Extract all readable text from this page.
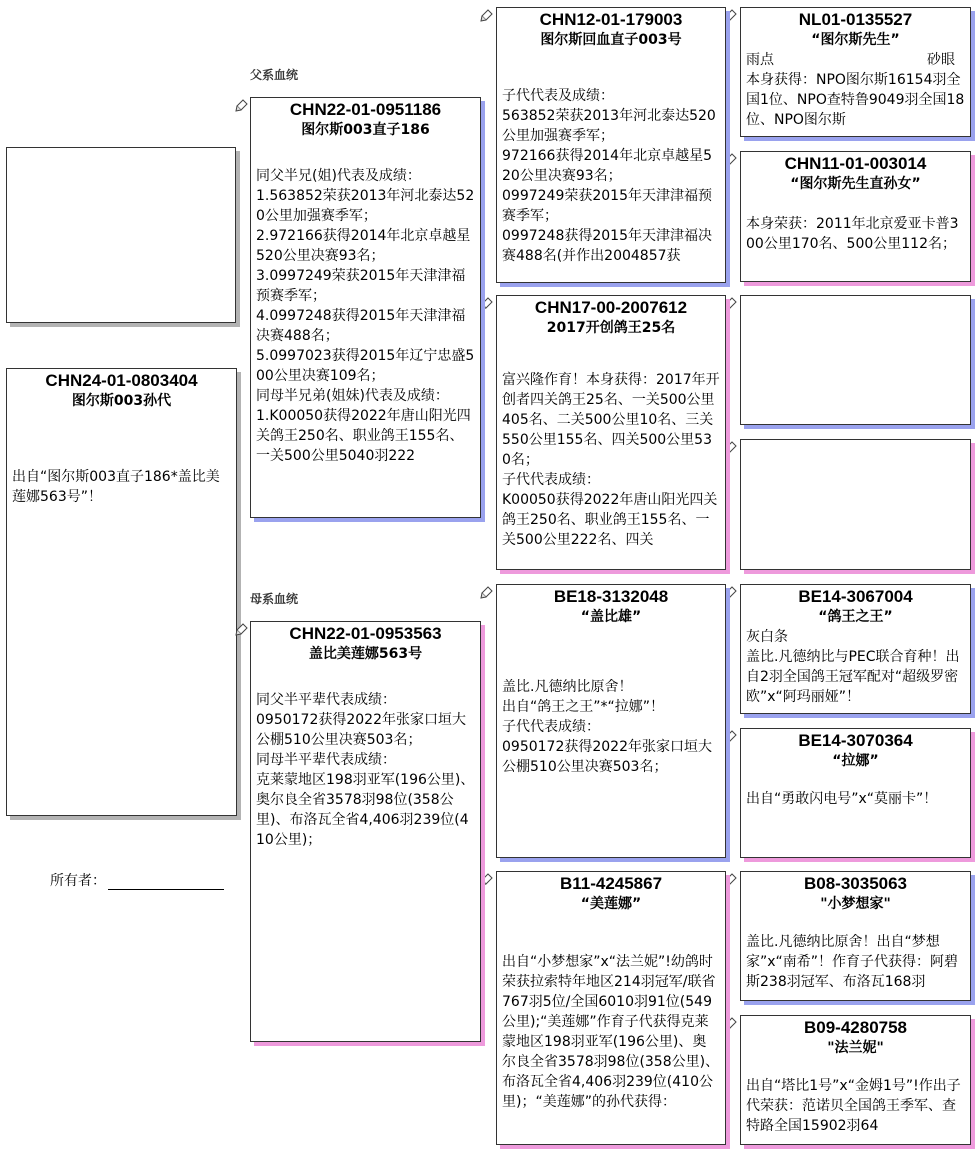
CHN24-01-0803404
图尔斯003孙代
出自“图尔斯003直子186*盖比美莲娜563号”！
所有者：
父系血统
母系血统
CHN22-01-0951186
图尔斯003直子186
同父半兄(姐)代表及成绩：
1.563852荣获2013年河北泰达520公里加强赛季军；
2.972166获得2014年北京卓越星520公里决赛93名；
3.0997249荣获2015年天津津福预赛季军；
4.0997248获得2015年天津津福决赛488名；
5.0997023获得2015年辽宁忠盛500公里决赛109名；
同母半兄弟(姐妹)代表及成绩：
1.K00050获得2022年唐山阳光四关鸽王250名、职业鸽王155名、一关500公里5040羽222
CHN22-01-0953563
盖比美莲娜563号
同父半平辈代表成绩：
0950172获得2022年张家口垣大公棚510公里决赛503名；
同母半平辈代表成绩：
克莱蒙地区198羽亚军(196公里)、奥尔良全省3578羽98位(358公里)、布洛瓦全省4,406羽239位(410公里)；
CHN12-01-179003
图尔斯回血直子003号
子代代表及成绩：
563852荣获2013年河北泰达520公里加强赛季军；
972166获得2014年北京卓越星520公里决赛93名；
0997249荣获2015年天津津福预赛季军；
0997248获得2015年天津津福决赛488名(并作出2004857获
CHN17-00-2007612
2017开创鸽王25名
富兴隆作育！本身获得：2017年开创者四关鸽王25名、一关500公里405名、二关500公里10名、三关550公里155名、四关500公里530名；
子代代表成绩：
K00050获得2022年唐山阳光四关鸽王250名、职业鸽王155名、一关500公里222名、四关
BE18-3132048
“盖比雄”
盖比.凡德纳比原舍！
出自“鸽王之王”*“拉娜”！
子代代表成绩：
0950172获得2022年张家口垣大公棚510公里决赛503名；
B11-4245867
“美莲娜”
出自“小梦想家”x“法兰妮”!幼鸽时荣获拉索特年地区214羽冠军/联省767羽5位/全国6010羽91位(549公里);“美莲娜”作育子代获得克莱蒙地区198羽亚军(196公里)、奥尔良全省3578羽98位(358公里)、布洛瓦全省4,406羽239位(410公里)；“美莲娜”的孙代获得：
NL01-0135527
“图尔斯先生”
雨点	砂眼
本身获得：NPO图尔斯16154羽全国1位、NPO查特鲁9049羽全国18位、NPO图尔斯
CHN11-01-003014
“图尔斯先生直孙女”
本身荣获：2011年北京爱亚卡普300公里170名、500公里112名；
BE14-3067004
“鸽王之王”
灰白条
盖比.凡德纳比与PEC联合育种！出自2羽全国鸽王冠军配对“超级罗密欧”x“阿玛丽娅”！
BE14-3070364
“拉娜”
出自“勇敢闪电号”x“莫丽卡”！
B08-3035063
"小梦想家"
盖比.凡德纳比原舍！出自“梦想家”x“南希”！作育子代获得：阿碧斯238羽冠军、布洛瓦168羽
B09-4280758
"法兰妮"
出自“塔比1号”x“金姆1号”!作出子代荣获：范诺贝全国鸽王季军、查特路全国15902羽64
